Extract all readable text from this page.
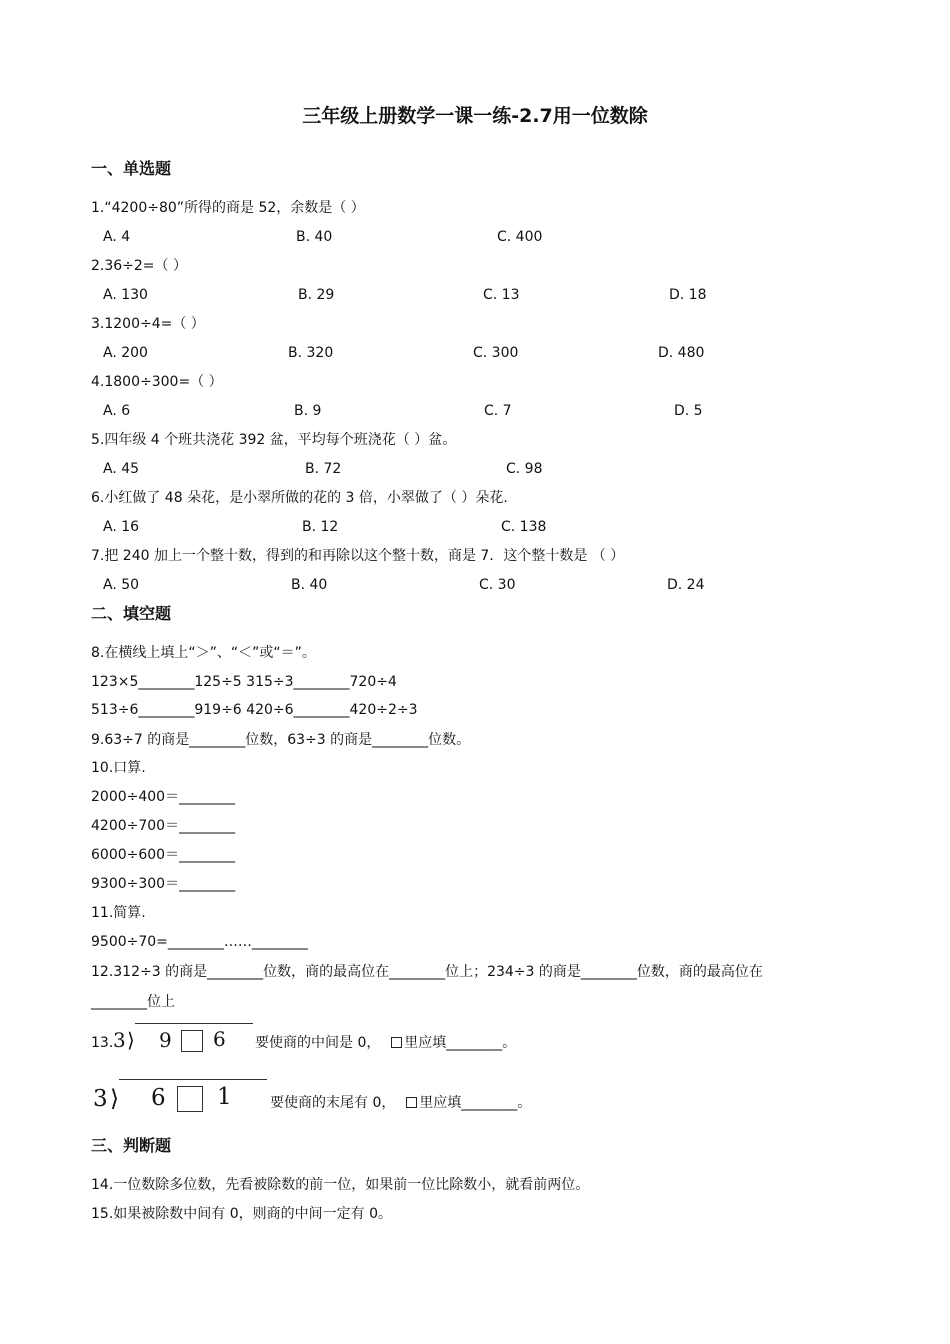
三年级上册数学一课一练-2.7用一位数除
一、单选题
1.“4200÷80”所得的商是 52，余数是（ ）
A. 4	B. 40	C. 400
2.36÷2=（ ）
A. 130	B. 29	C. 13	D. 18
3.1200÷4=（ ）
A. 200	B. 320	C. 300	D. 480
4.1800÷300=（ ）
A. 6	B. 9	C. 7	D. 5
5.四年级 4 个班共浇花 392 盆，平均每个班浇花（ ）盆。
A. 45	B. 72	C. 98
6.小红做了 48 朵花，是小翠所做的花的 3 倍，小翠做了（ ）朵花.
A. 16	B. 12	C. 138
7.把 240 加上一个整十数，得到的和再除以这个整十数，商是 7．这个整十数是 （ ）
A. 50	B. 40	C. 30	D. 24
二、填空题
8.在横线上填上“＞”、“＜”或“＝”。
123×5________125÷5 315÷3________720÷4
513÷6________919÷6 420÷6________420÷2÷3
9.63÷7 的商是________位数，63÷3 的商是________位数。
10.口算.
2000÷400＝________
4200÷700＝________
6000÷600＝________
9300÷300＝________
11.简算.
9500÷70=________……________
12.312÷3 的商是________位数，商的最高位在________位上；234÷3 的商是________位数，商的最高位在
________位上
13. 3 ⟩ 9 6 要使商的中间是 0， 里应填________。
3 ⟩ 6 1	要使商的末尾有 0， 里应填________。
三、判断题
14.一位数除多位数，先看被除数的前一位，如果前一位比除数小，就看前两位。
15.如果被除数中间有 0，则商的中间一定有 0。
